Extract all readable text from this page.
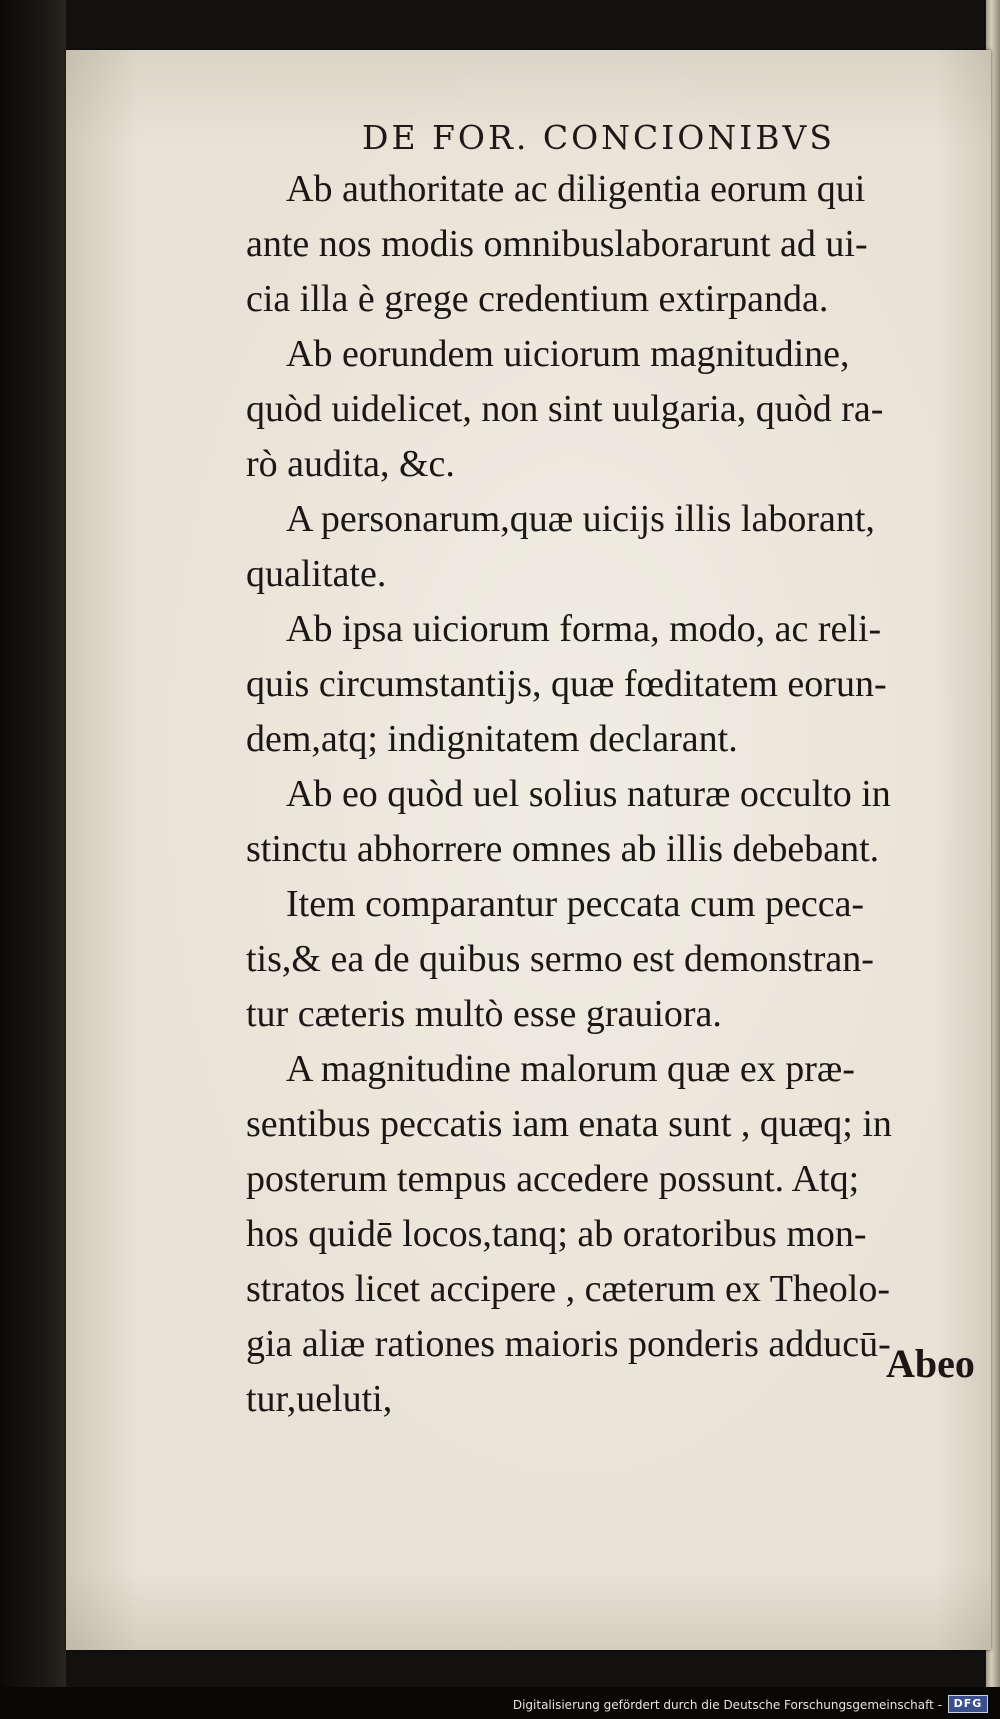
DE FOR. CONCIONIBVS
Ab authoritate ac diligentia eorum qui
ante nos modis omnibuslaborarunt ad ui-
cia illa è grege credentium extirpanda.
Ab eorundem uiciorum magnitudine,
quòd uidelicet, non sint uulgaria, quòd ra-
rò audita, &c.
A personarum,quæ uicijs illis laborant,
qualitate.
Ab ipsa uiciorum forma, modo, ac reli-
quis circumstantijs, quæ fœditatem eorun-
dem,atq; indignitatem declarant.
Ab eo quòd uel solius naturæ occulto in
stinctu abhorrere omnes ab illis debebant.
Item comparantur peccata cum pecca-
tis,& ea de quibus sermo est demonstran-
tur cæteris multò esse grauiora.
A magnitudine malorum quæ ex præ-
sentibus peccatis iam enata sunt , quæq; in
posterum tempus accedere possunt. Atq;
hos quidē locos,tanq; ab oratoribus mon-
stratos licet accipere , cæterum ex Theolo-
gia aliæ rationes maioris ponderis adducū-
tur,ueluti,
Abeo
Digitalisierung gefördert durch die Deutsche Forschungsgemeinschaft -	DFG
